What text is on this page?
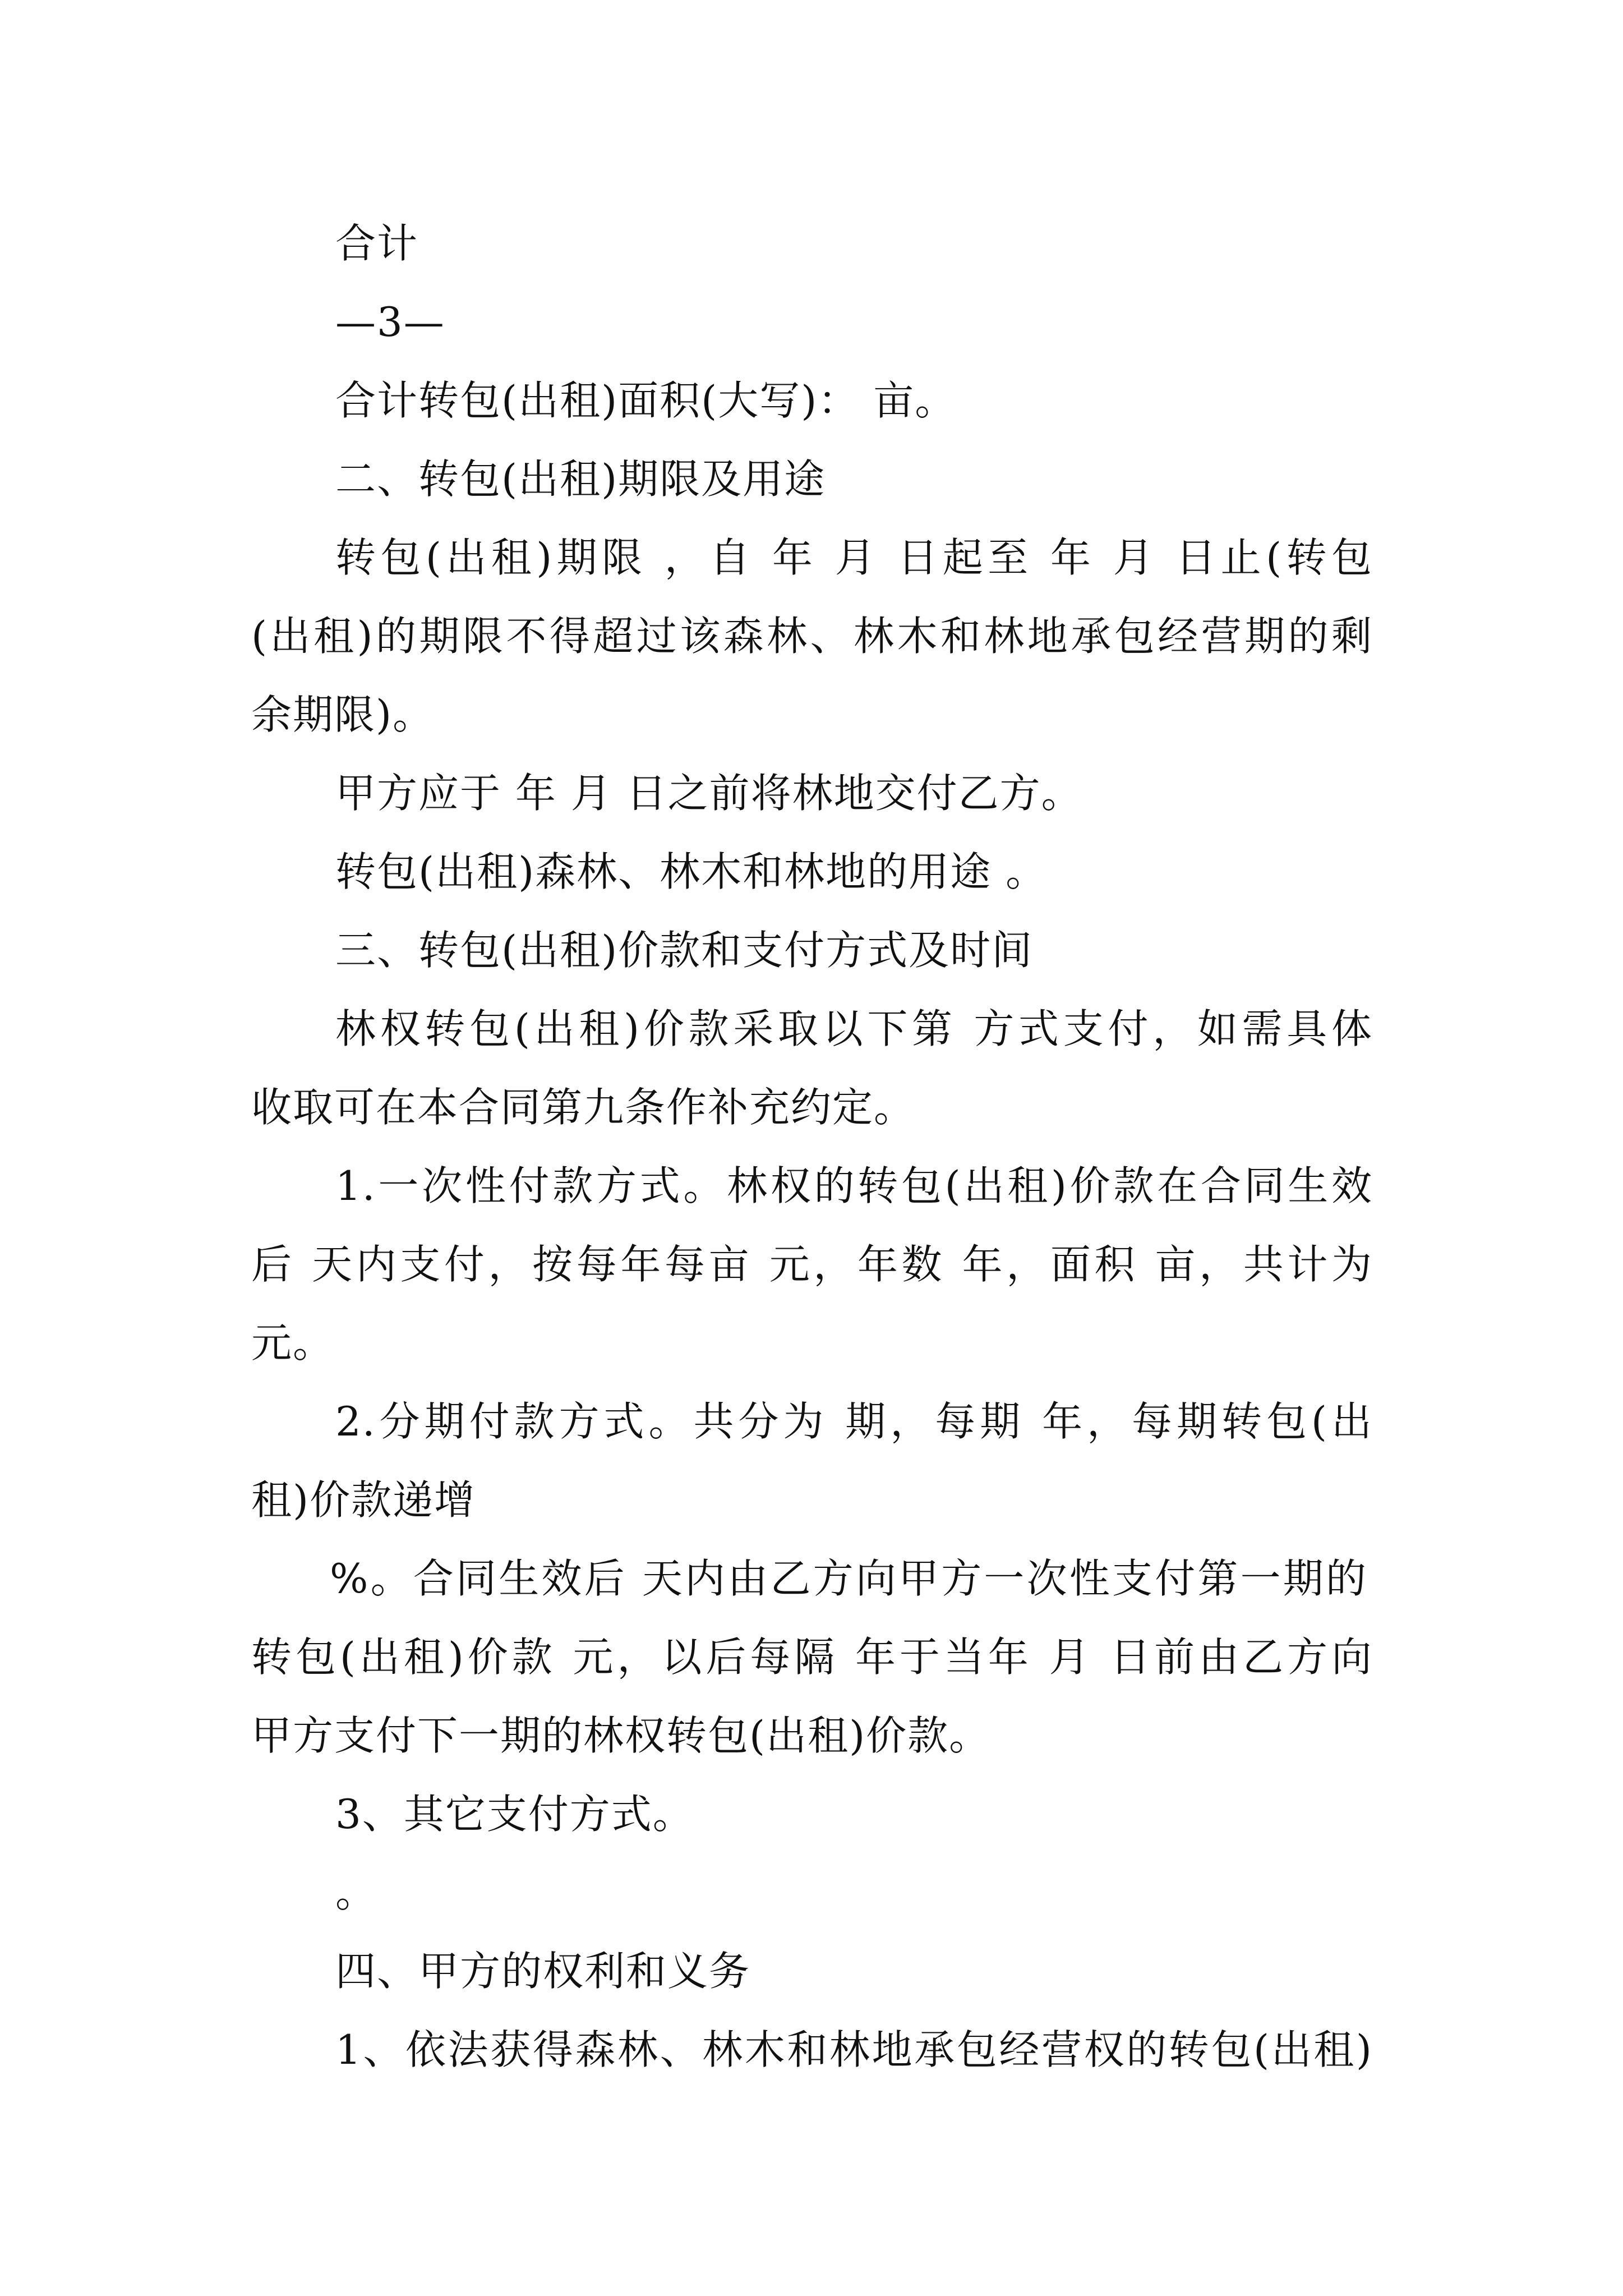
合计
—3—
合计转包(出租)面积(大写)： 亩。
二、转包(出租)期限及用途
转包(出租)期限 ，自 年 月 日起至 年 月 日止(转包
(出租)的期限不得超过该森林、林木和林地承包经营期的剩
余期限)。
甲方应于 年 月 日之前将林地交付乙方。
转包(出租)森林、林木和林地的用途 。
三、转包(出租)价款和支付方式及时间
林权转包(出租)价款采取以下第 方式支付，如需具体
收取可在本合同第九条作补充约定。
1.一次性付款方式。林权的转包(出租)价款在合同生效
后 天内支付，按每年每亩 元，年数 年，面积 亩，共计为
元。
2.分期付款方式。共分为 期，每期 年，每期转包(出
租)价款递增
%。合同生效后 天内由乙方向甲方一次性支付第一期的
转包(出租)价款 元，以后每隔 年于当年 月 日前由乙方向
甲方支付下一期的林权转包(出租)价款。
3、其它支付方式。
。
四、甲方的权利和义务
1、依法获得森林、林木和林地承包经营权的转包(出租)
